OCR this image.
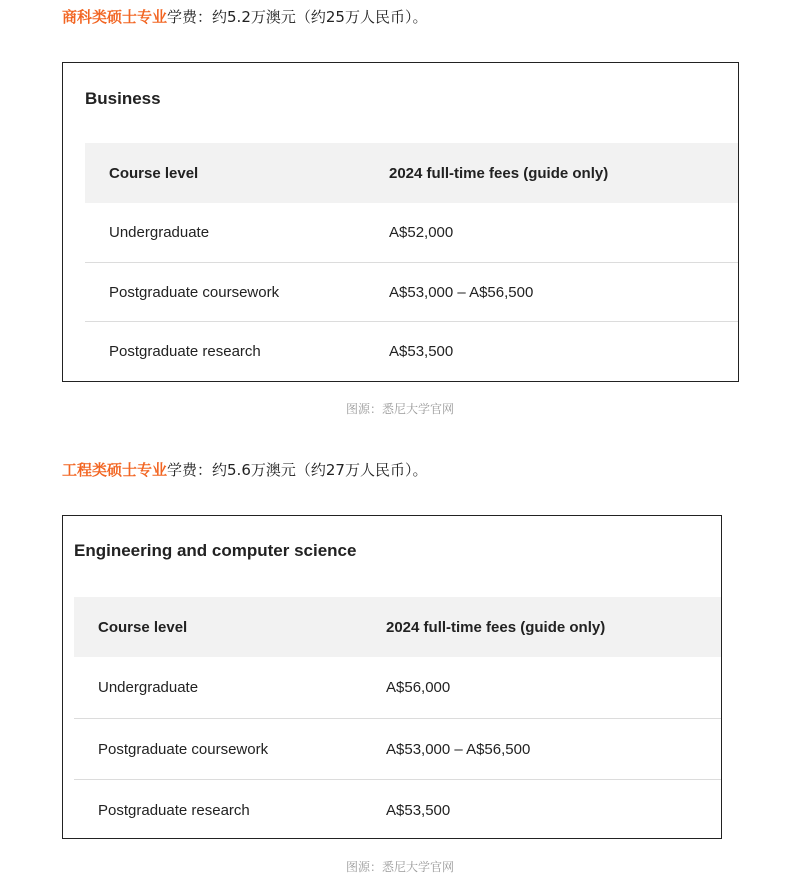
商科类硕士专业学费：约5.2万澳元（约25万人民币）。
Business
Course level	2024 full-time fees (guide only)
Undergraduate	A$52,000
Postgraduate coursework	A$53,000 – A$56,500
Postgraduate research	A$53,500
图源：悉尼大学官网
工程类硕士专业学费：约5.6万澳元（约27万人民币）。
Engineering and computer science
Course level	2024 full-time fees (guide only)
Undergraduate	A$56,000
Postgraduate coursework	A$53,000 – A$56,500
Postgraduate research	A$53,500
图源：悉尼大学官网
